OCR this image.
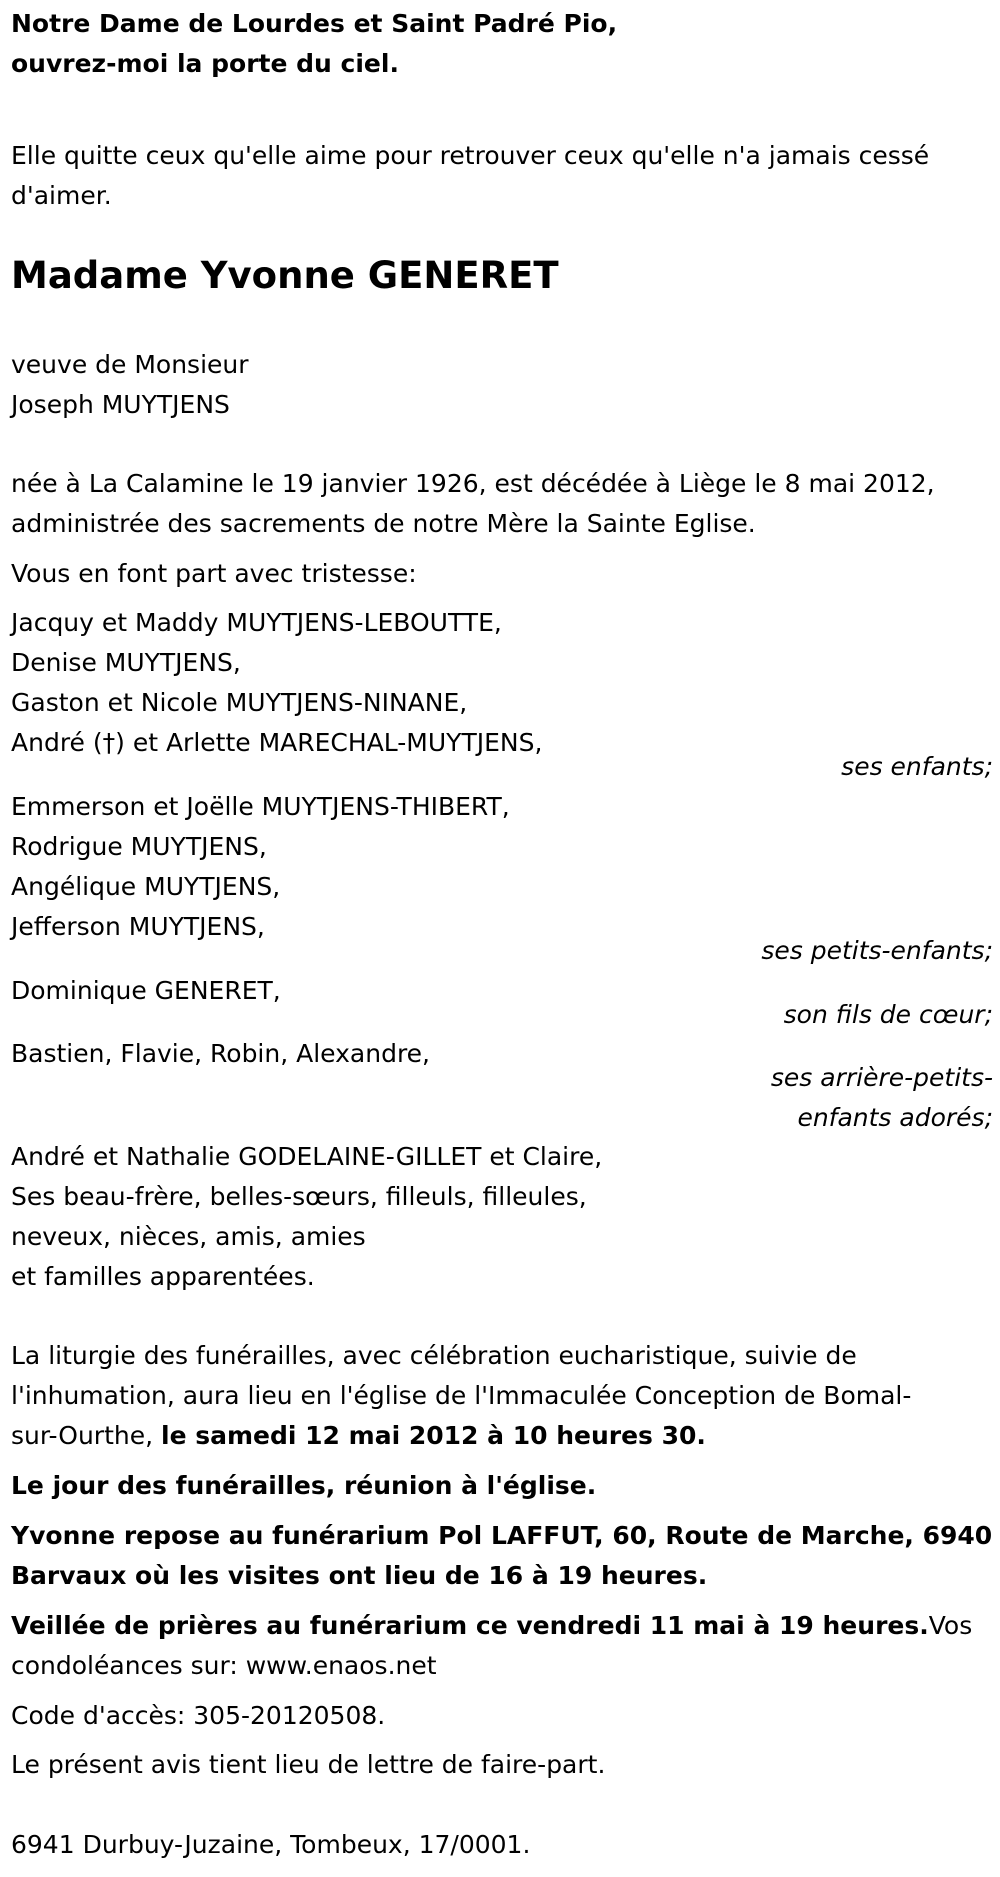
Notre Dame de Lourdes et Saint Padré Pio,
ouvrez-moi la porte du ciel.
Elle quitte ceux qu'elle aime pour retrouver ceux qu'elle n'a jamais cessé
d'aimer.
Madame Yvonne GENERET
veuve de Monsieur
Joseph MUYTJENS
née à La Calamine le 19 janvier 1926, est décédée à Liège le 8 mai 2012,
administrée des sacrements de notre Mère la Sainte Eglise.
Vous en font part avec tristesse:
Jacquy et Maddy MUYTJENS-LEBOUTTE,
Denise MUYTJENS,
Gaston et Nicole MUYTJENS-NINANE,
André (†) et Arlette MARECHAL-MUYTJENS,
ses enfants;
Emmerson et Joëlle MUYTJENS-THIBERT,
Rodrigue MUYTJENS,
Angélique MUYTJENS,
Jefferson MUYTJENS,
ses petits-enfants;
Dominique GENERET,
son fils de cœur;
Bastien, Flavie, Robin, Alexandre,
ses arrière-petits-
enfants adorés;
André et Nathalie GODELAINE-GILLET et Claire,
Ses beau-frère, belles-sœurs, filleuls, filleules,
neveux, nièces, amis, amies
et familles apparentées.
La liturgie des funérailles, avec célébration eucharistique, suivie de
l'inhumation, aura lieu en l'église de l'Immaculée Conception de Bomal-
sur-Ourthe, le samedi 12 mai 2012 à 10 heures 30.
Le jour des funérailles, réunion à l'église.
Yvonne repose au funérarium Pol LAFFUT, 60, Route de Marche, 6940
Barvaux où les visites ont lieu de 16 à 19 heures.
Veillée de prières au funérarium ce vendredi 11 mai à 19 heures.Vos
condoléances sur: www.enaos.net
Code d'accès: 305-20120508.
Le présent avis tient lieu de lettre de faire-part.
6941 Durbuy-Juzaine, Tombeux, 17/0001.
